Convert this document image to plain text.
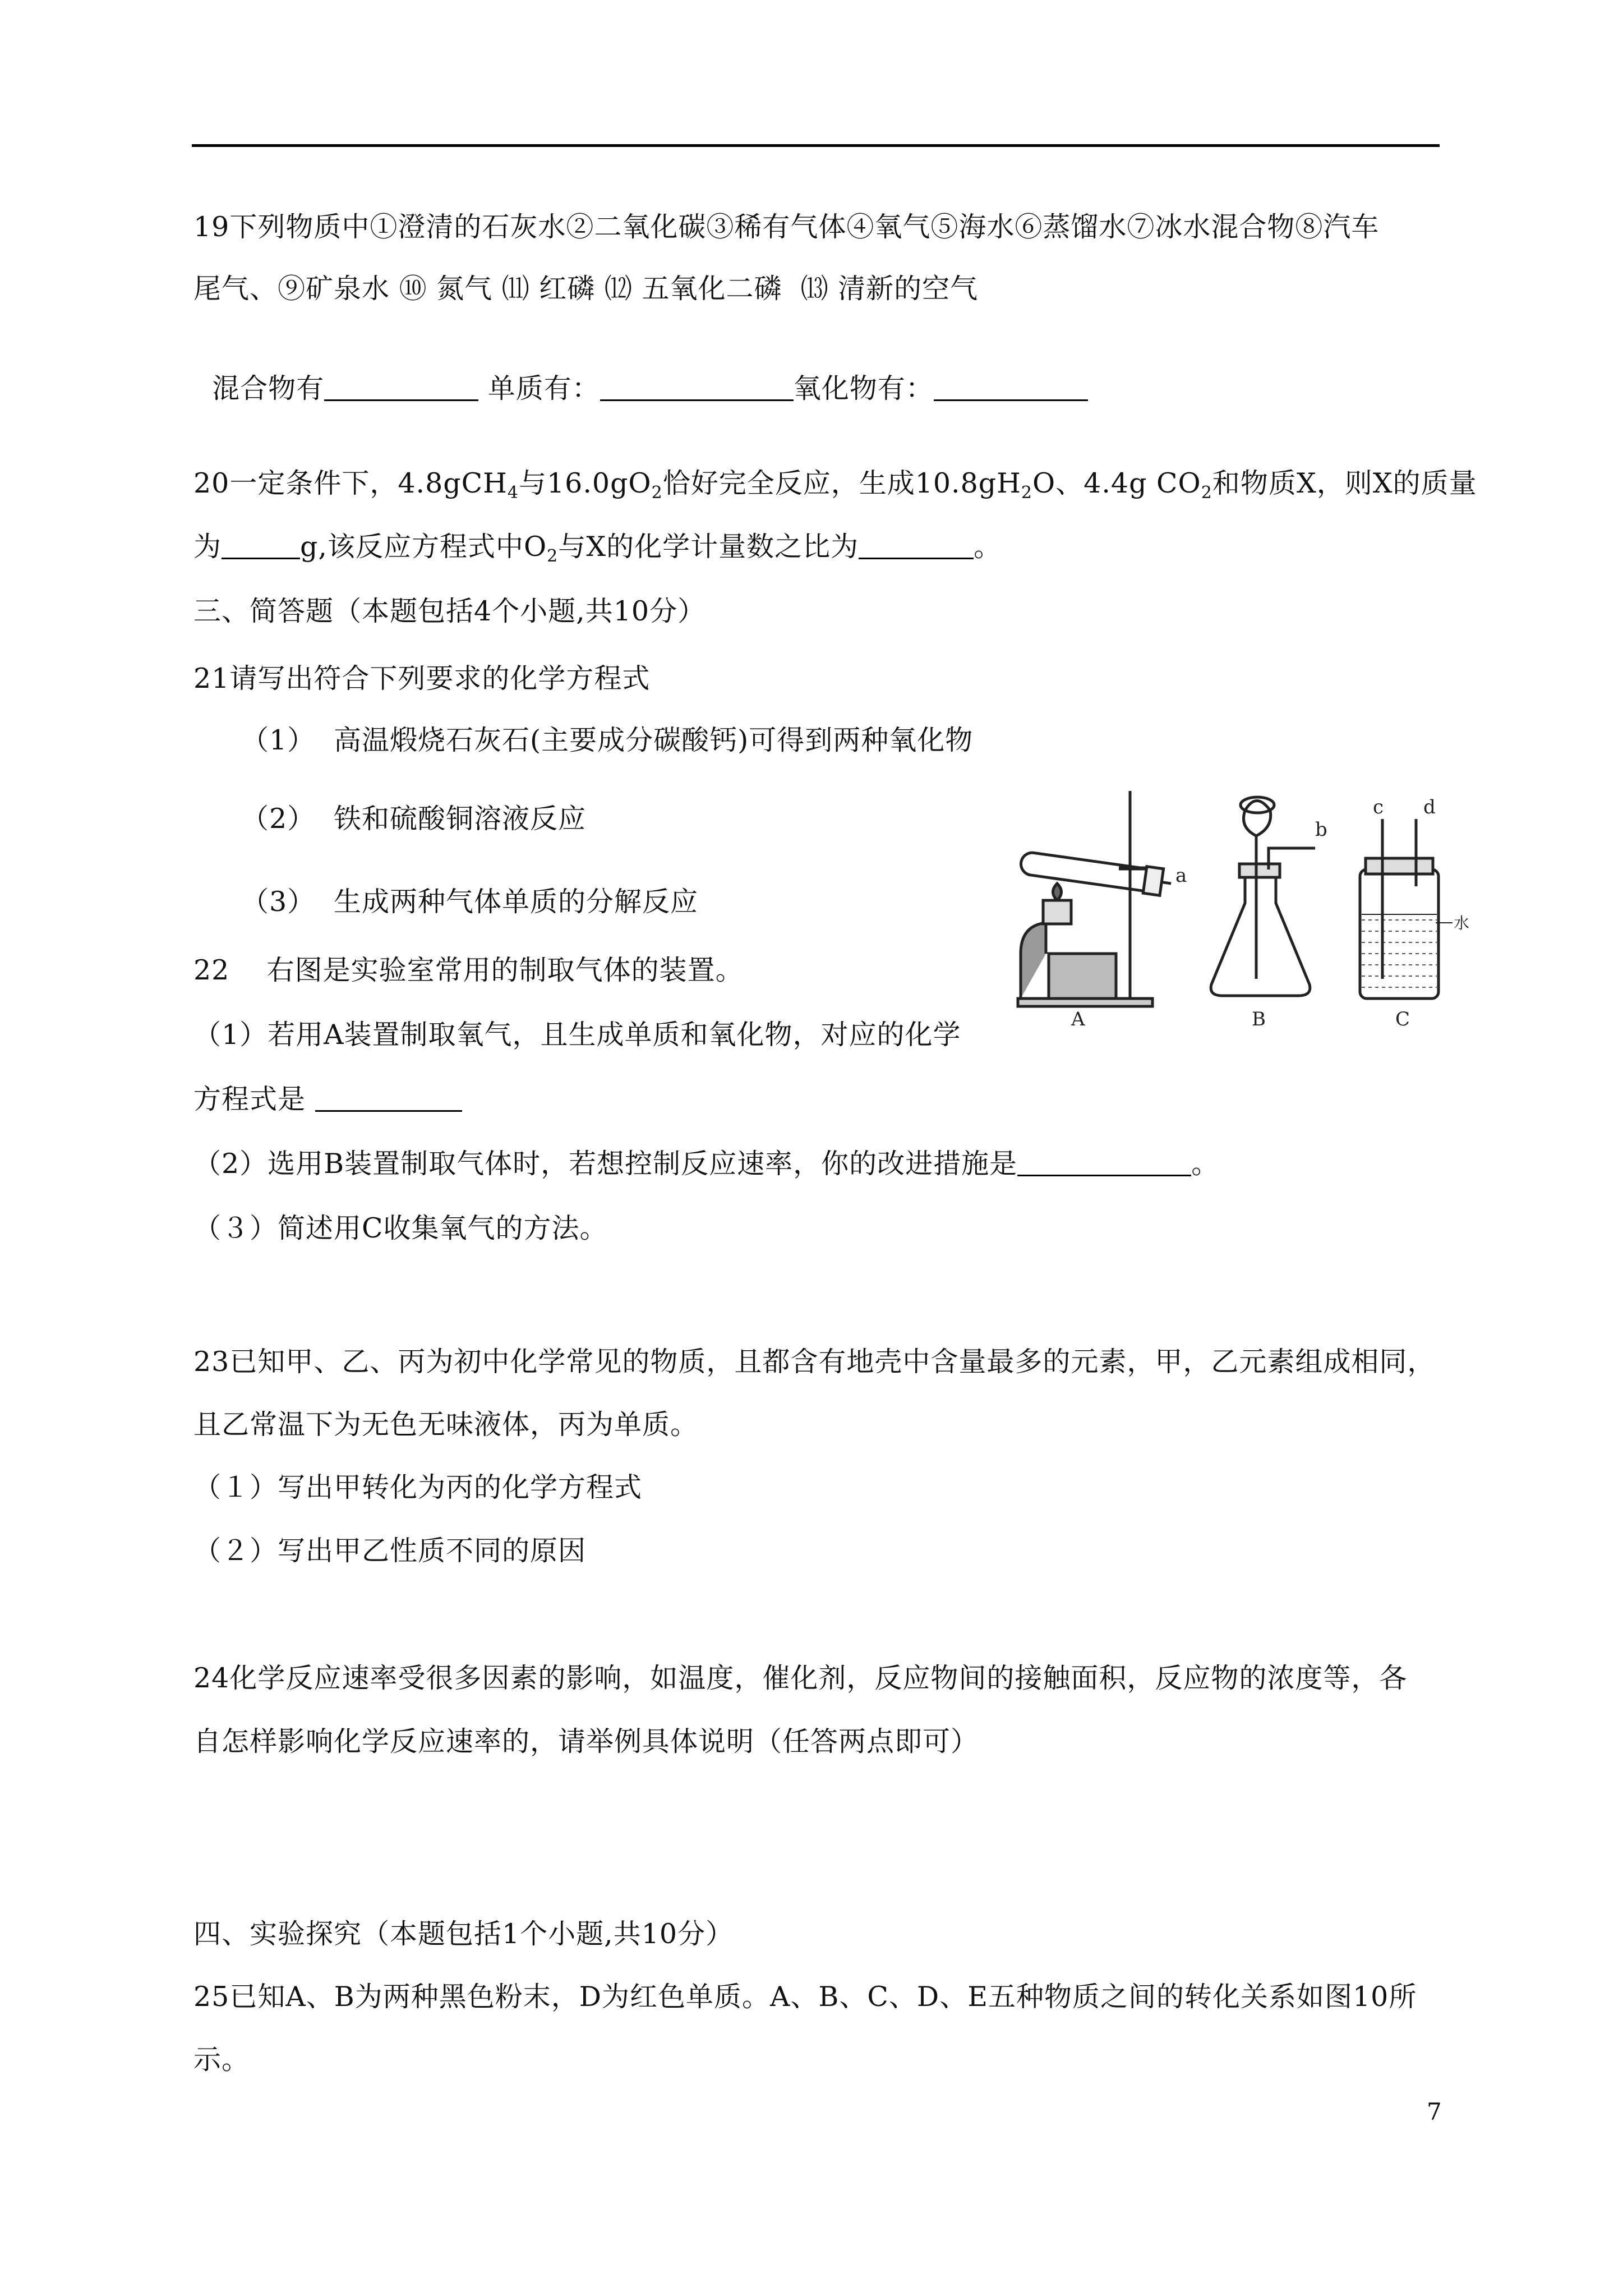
19下列物质中①澄清的石灰水②二氧化碳③稀有气体④氧气⑤海水⑥蒸馏水⑦冰水混合物⑧汽车
尾气、⑨矿泉水 ⑩ 氮气 ⑾ 红磷 ⑿ 五氧化二磷  ⒀ 清新的空气

混合物有	单质有：	氧化物有：

20一定条件下，4.8gCH$_4$与$16.0gO_2$恰好完全反应，生成$10.8gH_2O$、4.4g $CO_2$和物质X，则X的质量
为	g,该反应方程式中$O_2$与X的化学计量数之比为	。
三、简答题（本题包括4个小题,共10分）
21请写出符合下列要求的化学方程式
（1） 高温煅烧石灰石(主要成分碳酸钙)可得到两种氧化物
（2） 铁和硫酸铜溶液反应
（3） 生成两种气体单质的分解反应
22    右图是实验室常用的制取气体的装置。
（1）若用A装置制取氧气，且生成单质和氧化物，对应的化学
方程式是
（2）选用B装置制取气体时，若想控制反应速率，你的改进措施是	。
（３）简述用C收集氧气的方法。
A	B	C
a
b
c d
水
23已知甲、乙、丙为初中化学常见的物质，且都含有地壳中含量最多的元素，甲，乙元素组成相同，
且乙常温下为无色无味液体，丙为单质。
（１）写出甲转化为丙的化学方程式
（２）写出甲乙性质不同的原因
24化学反应速率受很多因素的影响，如温度，催化剂，反应物间的接触面积，反应物的浓度等，各
自怎样影响化学反应速率的，请举例具体说明（任答两点即可）
四、实验探究（本题包括1个小题,共10分）
25已知A、B为两种黑色粉末，D为红色单质。A、B、C、D、E五种物质之间的转化关系如图10所
示。
7
